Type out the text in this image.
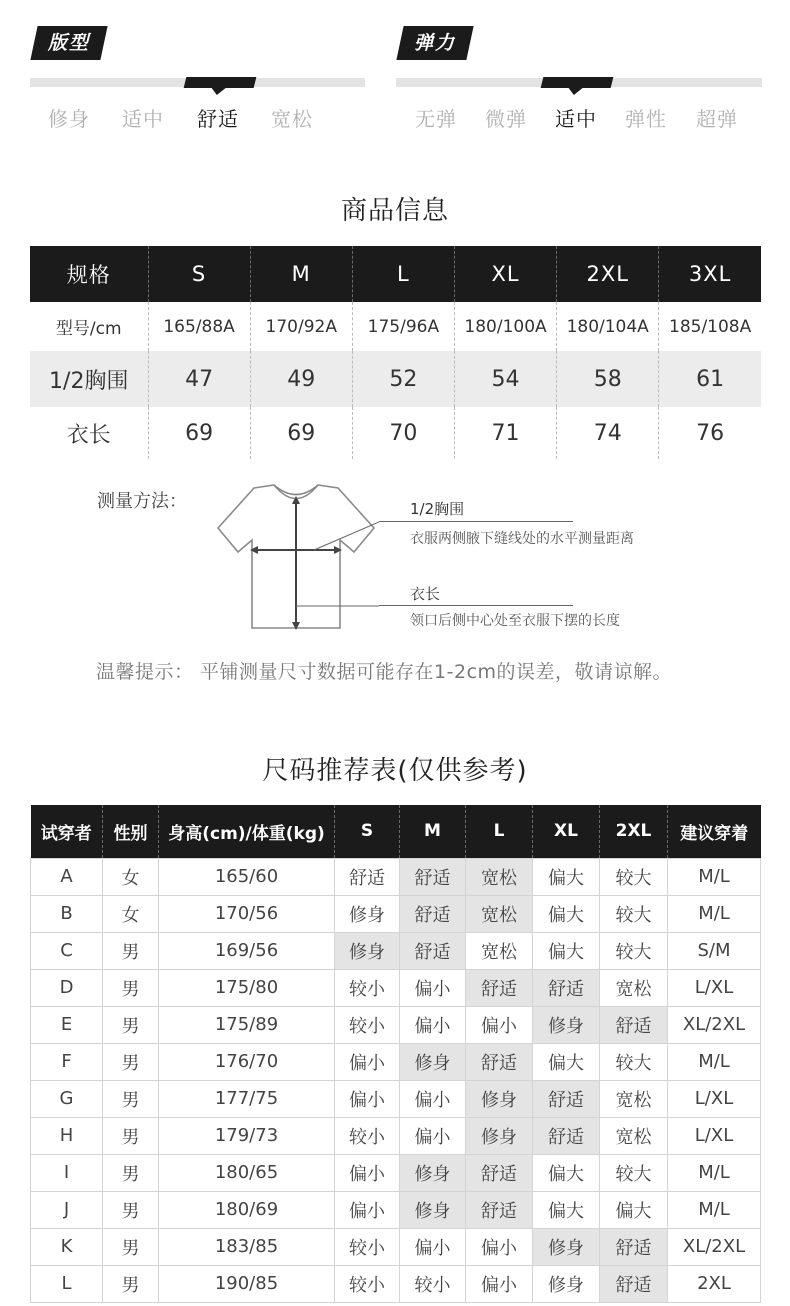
版型
修身	适中	舒适	宽松
弹力
无弹	微弹	适中	弹性	超弹
商品信息
规格	S	M	L	XL	2XL	3XL
型号/cm	165/88A	170/92A	175/96A	180/100A	180/104A	185/108A
1/2胸围	47	49	52	54	58	61
衣长	69	69	70	71	74	76
测量方法：	1/2胸围
衣服两侧腋下缝线处的水平测量距离
衣长
领口后侧中心处至衣服下摆的长度
温馨提示： 平铺测量尺寸数据可能存在1-2cm的误差，敬请谅解。
尺码推荐表(仅供参考)
试穿者	性别	身高(cm)/体重(kg)	S	M	L	XL	2XL	建议穿着
A	女	165/60	舒适	舒适	宽松	偏大	较大	M/L
B	女	170/56	修身	舒适	宽松	偏大	较大	M/L
C	男	169/56	修身	舒适	宽松	偏大	较大	S/M
D	男	175/80	较小	偏小	舒适	舒适	宽松	L/XL
E	男	175/89	较小	偏小	偏小	修身	舒适	XL/2XL
F	男	176/70	偏小	修身	舒适	偏大	较大	M/L
G	男	177/75	偏小	偏小	修身	舒适	宽松	L/XL
H	男	179/73	较小	偏小	修身	舒适	宽松	L/XL
I	男	180/65	偏小	修身	舒适	偏大	较大	M/L
J	男	180/69	偏小	修身	舒适	偏大	偏大	M/L
K	男	183/85	较小	偏小	偏小	修身	舒适	XL/2XL
L	男	190/85	较小	较小	偏小	修身	舒适	2XL
